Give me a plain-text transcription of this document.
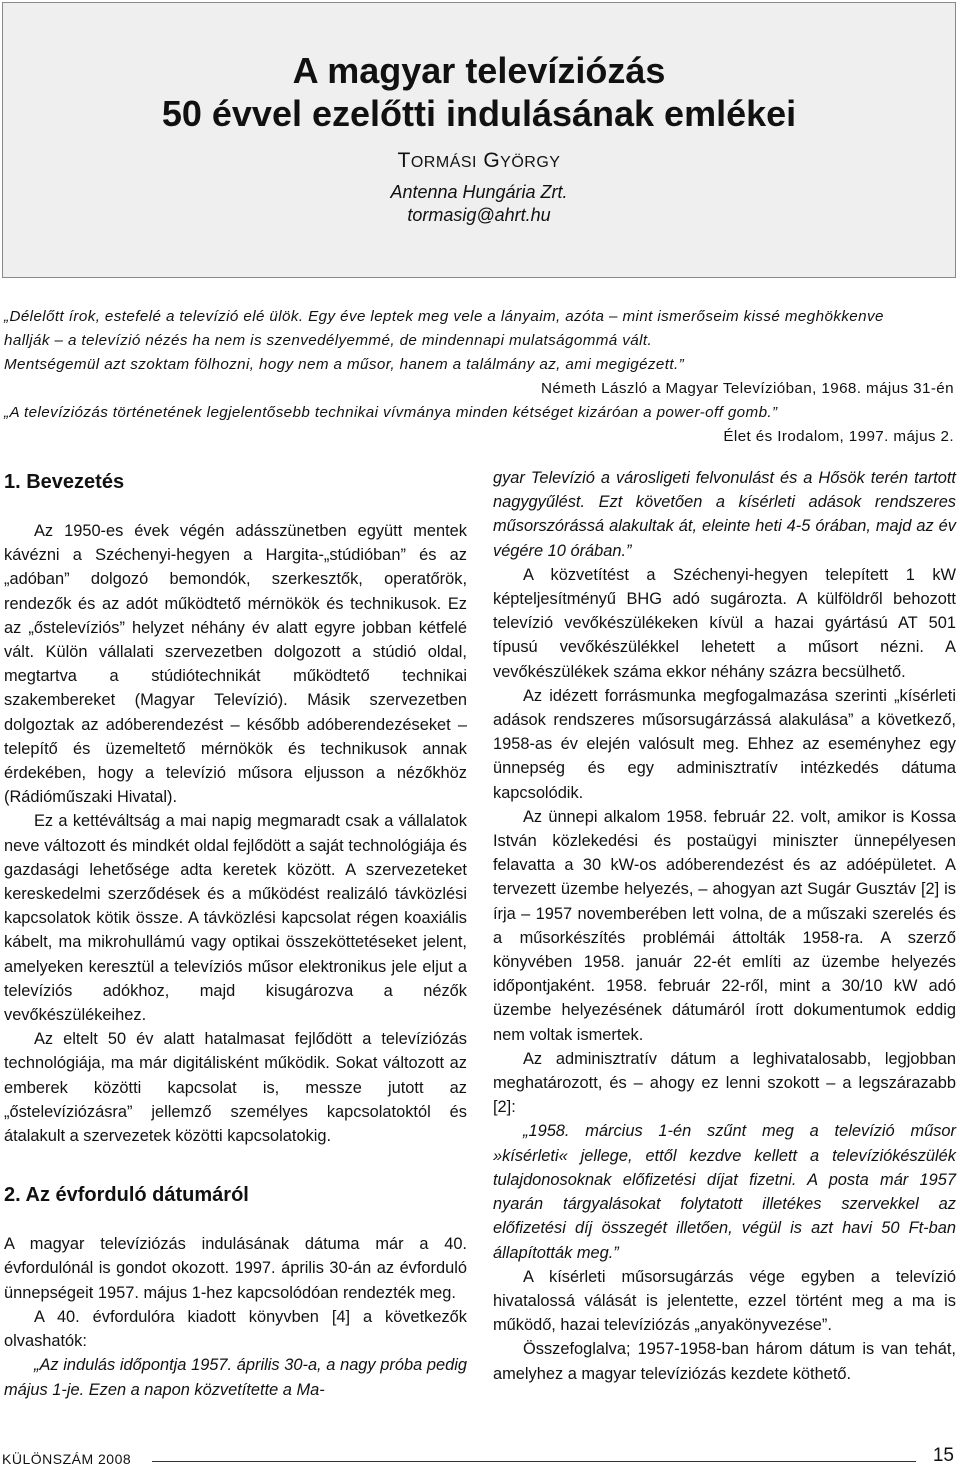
A magyar televíziózás
50 évvel ezelőtti indulásának emlékei
TORMÁSI GYÖRGY
Antenna Hungária Zrt.
tormasig@ahrt.hu

„Délelőtt írok, estefelé a televízió elé ülök. Egy éve leptek meg vele a lányaim, azóta – mint ismerőseim kissé meghökkenve

hallják – a televízió nézés ha nem is szenvedélyemmé, de mindennapi mulatságommá vált.

Mentségemül azt szoktam fölhozni, hogy nem a műsor, hanem a találmány az, ami megigézett.”

Németh László a Magyar Televízióban, 1968. május 31-én

„A televíziózás történetének legjelentősebb technikai vívmánya minden kétséget kizáróan a power-off gomb.”

Élet és Irodalom, 1997. május 2.

1. Bevezetés

Az 1950-es évek végén adásszünetben együtt mentek kávézni a Széchenyi-hegyen a Hargita-„stúdióban” és az „adóban” dolgozó bemondók, szerkesztők, operatőrök, rendezők és az adót működtető mérnökök és technikusok. Ez az „őstelevíziós” helyzet néhány év alatt egyre jobban kétfelé vált. Külön vállalati szervezetben dolgozott a stúdió oldal, megtartva a stúdiótechnikát működtető technikai szakembereket (Magyar Televízió). Másik szervezetben dolgoztak az adóberendezést – később adóberendezéseket – telepítő és üzemeltető mérnökök és technikusok annak érdekében, hogy a televízió műsora eljusson a nézőkhöz (Rádióműszaki Hivatal).

Ez a kettéváltság a mai napig megmaradt csak a vállalatok neve változott és mindkét oldal fejlődött a saját technológiája és gazdasági lehetősége adta keretek között. A szervezeteket kereskedelmi szerződések és a működést realizáló távközlési kapcsolatok kötik össze. A távközlési kapcsolat régen koaxiális kábelt, ma mikrohullámú vagy optikai összeköttetéseket jelent, amelyeken keresztül a televíziós műsor elektronikus jele eljut a televíziós adókhoz, majd kisugározva a nézők vevőkészülékeihez.

Az eltelt 50 év alatt hatalmasat fejlődött a televíziózás technológiája, ma már digitálisként működik. Sokat változott az emberek közötti kapcsolat is, messze jutott az „őstelevíziózásra” jellemző személyes kapcsolatoktól és átalakult a szervezetek közötti kapcsolatokig.

2. Az évforduló dátumáról

A magyar televíziózás indulásának dátuma már a 40. évfordulónál is gondot okozott. 1997. április 30-án az évforduló ünnepségeit 1957. május 1-hez kapcsolódóan rendezték meg.

A 40. évfordulóra kiadott könyvben [4] a következők olvashatók:

„Az indulás időpontja 1957. április 30-a, a nagy próba pedig május 1-je. Ezen a napon közvetítette a Ma-

gyar Televízió a városligeti felvonulást és a Hősök terén tartott nagygyűlést. Ezt követően a kísérleti adások rendszeres műsorszórássá alakultak át, eleinte heti 4-5 órában, majd az év végére 10 órában.”

A közvetítést a Széchenyi-hegyen telepített 1 kW képteljesítményű BHG adó sugározta. A külföldről behozott televízió vevőkészülékeken kívül a hazai gyártású AT 501 típusú vevőkészülékkel lehetett a műsort nézni. A vevőkészülékek száma ekkor néhány százra becsülhető.

Az idézett forrásmunka megfogalmazása szerinti „kísérleti adások rendszeres műsorsugárzássá alakulása” a következő, 1958-as év elején valósult meg. Ehhez az eseményhez egy ünnepség és egy adminisztratív intézkedés dátuma kapcsolódik.

Az ünnepi alkalom 1958. február 22. volt, amikor is Kossa István közlekedési és postaügyi miniszter ünnepélyesen felavatta a 30 kW-os adóberendezést és az adóépületet. A tervezett üzembe helyezés, – ahogyan azt Sugár Gusztáv [2] is írja – 1957 novemberében lett volna, de a műszaki szerelés és a műsorkészítés problémái áttolták 1958-ra. A szerző könyvében 1958. január 22-ét említi az üzembe helyezés időpontjaként. 1958. február 22-ről, mint a 30/10 kW adó üzembe helyezésének dátumáról írott dokumentumok eddig nem voltak ismertek.

Az adminisztratív dátum a leghivatalosabb, legjobban meghatározott, és – ahogy ez lenni szokott – a legszárazabb [2]:

„1958. március 1-én szűnt meg a televízió műsor »kísérleti« jellege, ettől kezdve kellett a televíziókészülék tulajdonosoknak előfizetési díjat fizetni. A posta már 1957 nyarán tárgyalásokat folytatott illetékes szervekkel az előfizetési díj összegét illetően, végül is azt havi 50 Ft-ban állapították meg.”

A kísérleti műsorsugárzás vége egyben a televízió hivatalossá válását is jelentette, ezzel történt meg a ma is működő, hazai televíziózás „anyakönyvezése”.

Összefoglalva; 1957-1958-ban három dátum is van tehát, amelyhez a magyar televíziózás kezdete köthető.

KÜLÖNSZÁM 2008	15
